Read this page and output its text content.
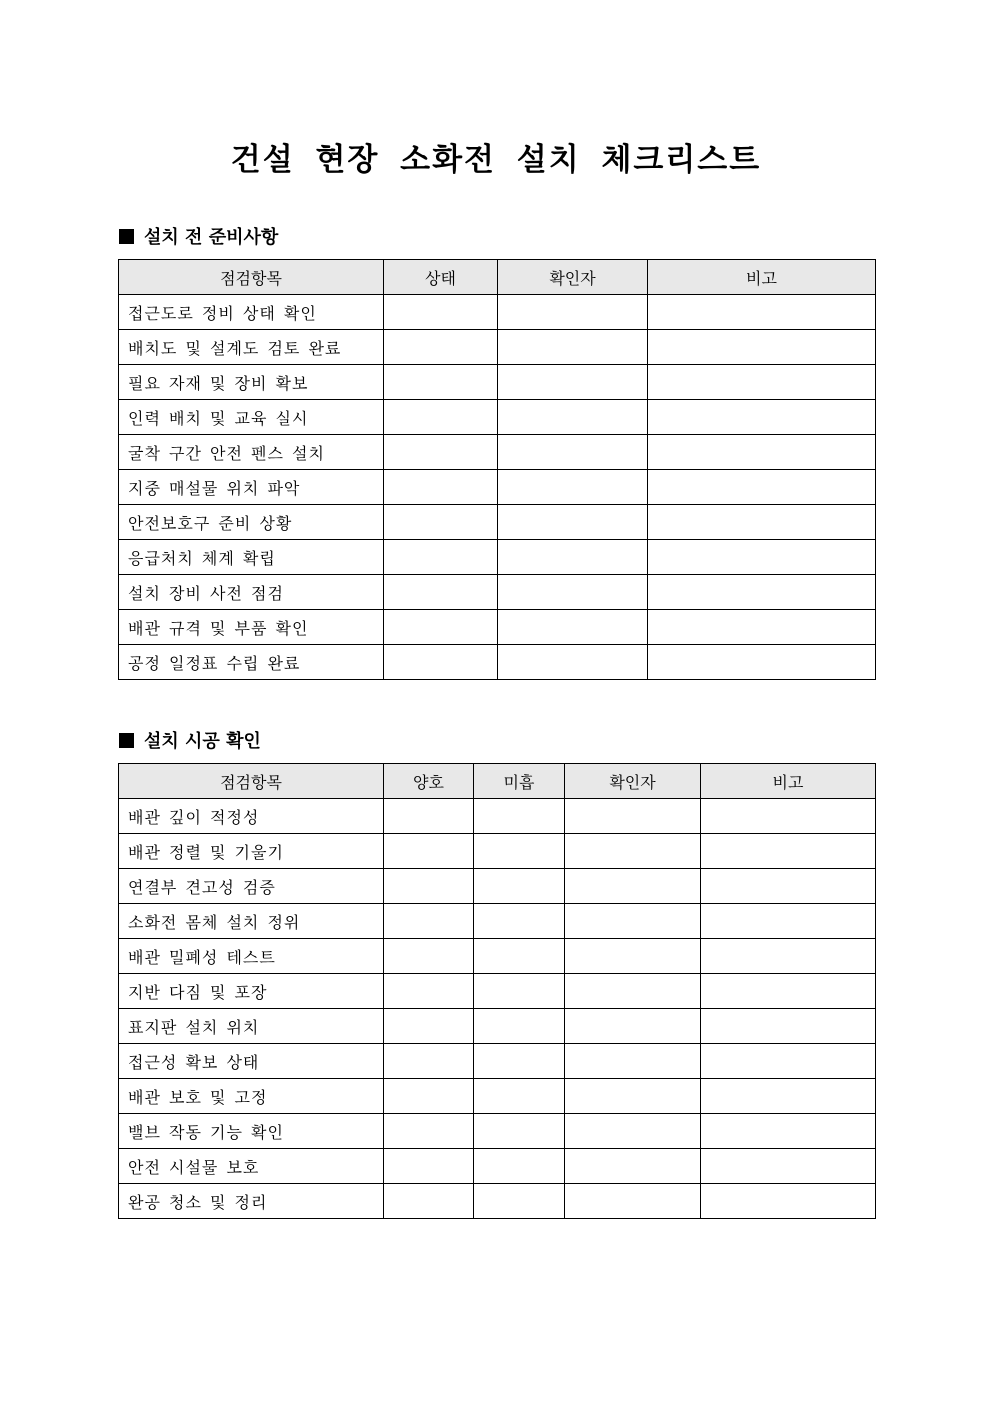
건설 현장 소화전 설치 체크리스트
설치 전 준비사항
점검항목	상태	확인자	비고
접근도로 정비 상태 확인			
배치도 및 설계도 검토 완료			
필요 자재 및 장비 확보			
인력 배치 및 교육 실시			
굴착 구간 안전 펜스 설치			
지중 매설물 위치 파악			
안전보호구 준비 상황			
응급처치 체계 확립			
설치 장비 사전 점검			
배관 규격 및 부품 확인			
공정 일정표 수립 완료			
설치 시공 확인
점검항목	양호	미흡	확인자	비고
배관 깊이 적정성				
배관 정렬 및 기울기				
연결부 견고성 검증				
소화전 몸체 설치 정위				
배관 밀폐성 테스트				
지반 다짐 및 포장				
표지판 설치 위치				
접근성 확보 상태				
배관 보호 및 고정				
밸브 작동 기능 확인				
안전 시설물 보호				
완공 청소 및 정리				
